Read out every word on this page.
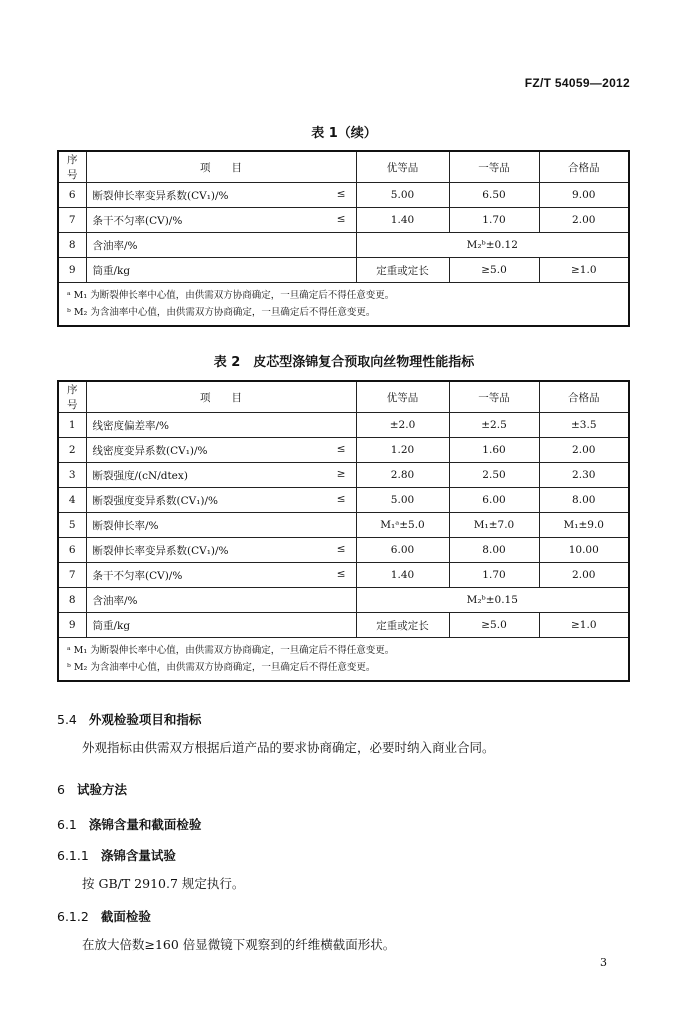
FZ/T 54059—2012
表 1（续）
序号	项　　目	优等品	一等品	合格品
6	断裂伸长率变异系数(CV₁)/% ≤	5.00	6.50	9.00
7	条干不匀率(CV)/% ≤	1.40	1.70	2.00
8	含油率/%	M₂ᵇ±0.12		
9	筒重/kg	定重或定长	≥5.0	≥1.0

ᵃ M₁ 为断裂伸长率中心值，由供需双方协商确定，一旦确定后不得任意变更。
ᵇ M₂ 为含油率中心值，由供需双方协商确定，一旦确定后不得任意变更。				
表 2　皮芯型涤锦复合预取向丝物理性能指标
序号	项　　目	优等品	一等品	合格品
1	线密度偏差率/%	±2.0	±2.5	±3.5
2	线密度变异系数(CV₁)/% ≤	1.20	1.60	2.00
3	断裂强度/(cN/dtex) ≥	2.80	2.50	2.30
4	断裂强度变异系数(CV₁)/% ≤	5.00	6.00	8.00
5	断裂伸长率/%	M₁ᵃ±5.0	M₁±7.0	M₁±9.0
6	断裂伸长率变异系数(CV₁)/% ≤	6.00	8.00	10.00
7	条干不匀率(CV)/% ≤	1.40	1.70	2.00
8	含油率/%	M₂ᵇ±0.15		
9	筒重/kg	定重或定长	≥5.0	≥1.0

ᵃ M₁ 为断裂伸长率中心值，由供需双方协商确定，一旦确定后不得任意变更。
ᵇ M₂ 为含油率中心值，由供需双方协商确定，一旦确定后不得任意变更。				
5.4 外观检验项目和指标
外观指标由供需双方根据后道产品的要求协商确定，必要时纳入商业合同。
6 试验方法
6.1 涤锦含量和截面检验
6.1.1 涤锦含量试验
按 GB/T 2910.7 规定执行。
6.1.2 截面检验
在放大倍数≥160 倍显微镜下观察到的纤维横截面形状。
3
